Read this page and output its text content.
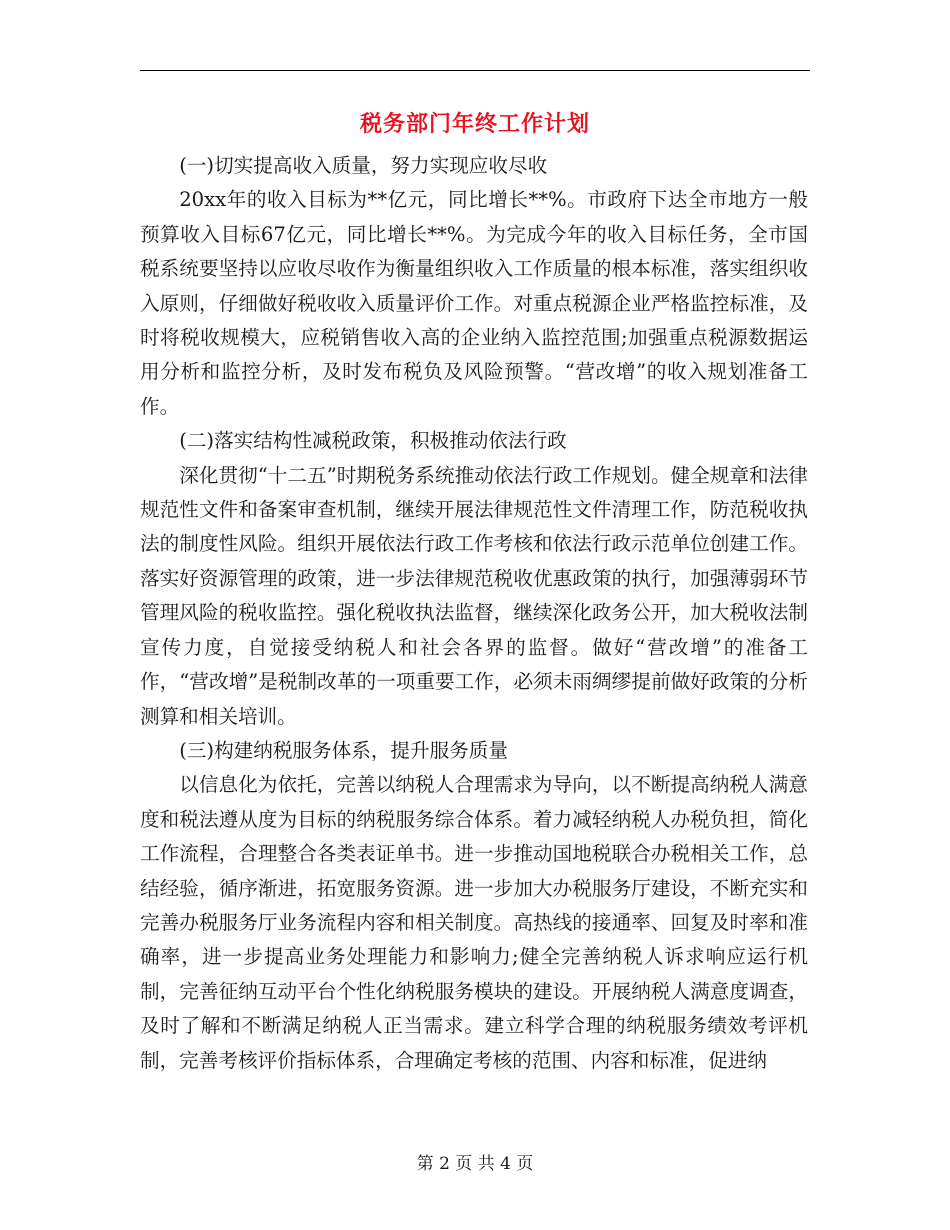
税务部门年终工作计划

(一)切实提高收入质量，努力实现应收尽收

20xx年的收入目标为**亿元，同比增长**%。市政府下达全市地方一般预算收入目标67亿元，同比增长**%。为完成今年的收入目标任务，全市国税系统要坚持以应收尽收作为衡量组织收入工作质量的根本标准，落实组织收入原则，仔细做好税收收入质量评价工作。对重点税源企业严格监控标准，及时将税收规模大，应税销售收入高的企业纳入监控范围;加强重点税源数据运用分析和监控分析，及时发布税负及风险预警。“营改增”的收入规划准备工作。

(二)落实结构性减税政策，积极推动依法行政

深化贯彻“十二五”时期税务系统推动依法行政工作规划。健全规章和法律规范性文件和备案审查机制，继续开展法律规范性文件清理工作，防范税收执法的制度性风险。组织开展依法行政工作考核和依法行政示范单位创建工作。落实好资源管理的政策，进一步法律规范税收优惠政策的执行，加强薄弱环节管理风险的税收监控。强化税收执法监督，继续深化政务公开，加大税收法制宣传力度，自觉接受纳税人和社会各界的监督。做好“营改增”的准备工作，“营改增”是税制改革的一项重要工作，必须未雨绸缪提前做好政策的分析测算和相关培训。

(三)构建纳税服务体系，提升服务质量

以信息化为依托，完善以纳税人合理需求为导向，以不断提高纳税人满意度和税法遵从度为目标的纳税服务综合体系。着力减轻纳税人办税负担，简化工作流程，合理整合各类表证单书。进一步推动国地税联合办税相关工作，总结经验，循序渐进，拓宽服务资源。进一步加大办税服务厅建设，不断充实和完善办税服务厅业务流程内容和相关制度。高热线的接通率、回复及时率和准确率，进一步提高业务处理能力和影响力;健全完善纳税人诉求响应运行机制，完善征纳互动平台个性化纳税服务模块的建设。开展纳税人满意度调查，及时了解和不断满足纳税人正当需求。建立科学合理的纳税服务绩效考评机制，完善考核评价指标体系，合理确定考核的范围、内容和标准，促进纳

第 2 页 共 4 页
